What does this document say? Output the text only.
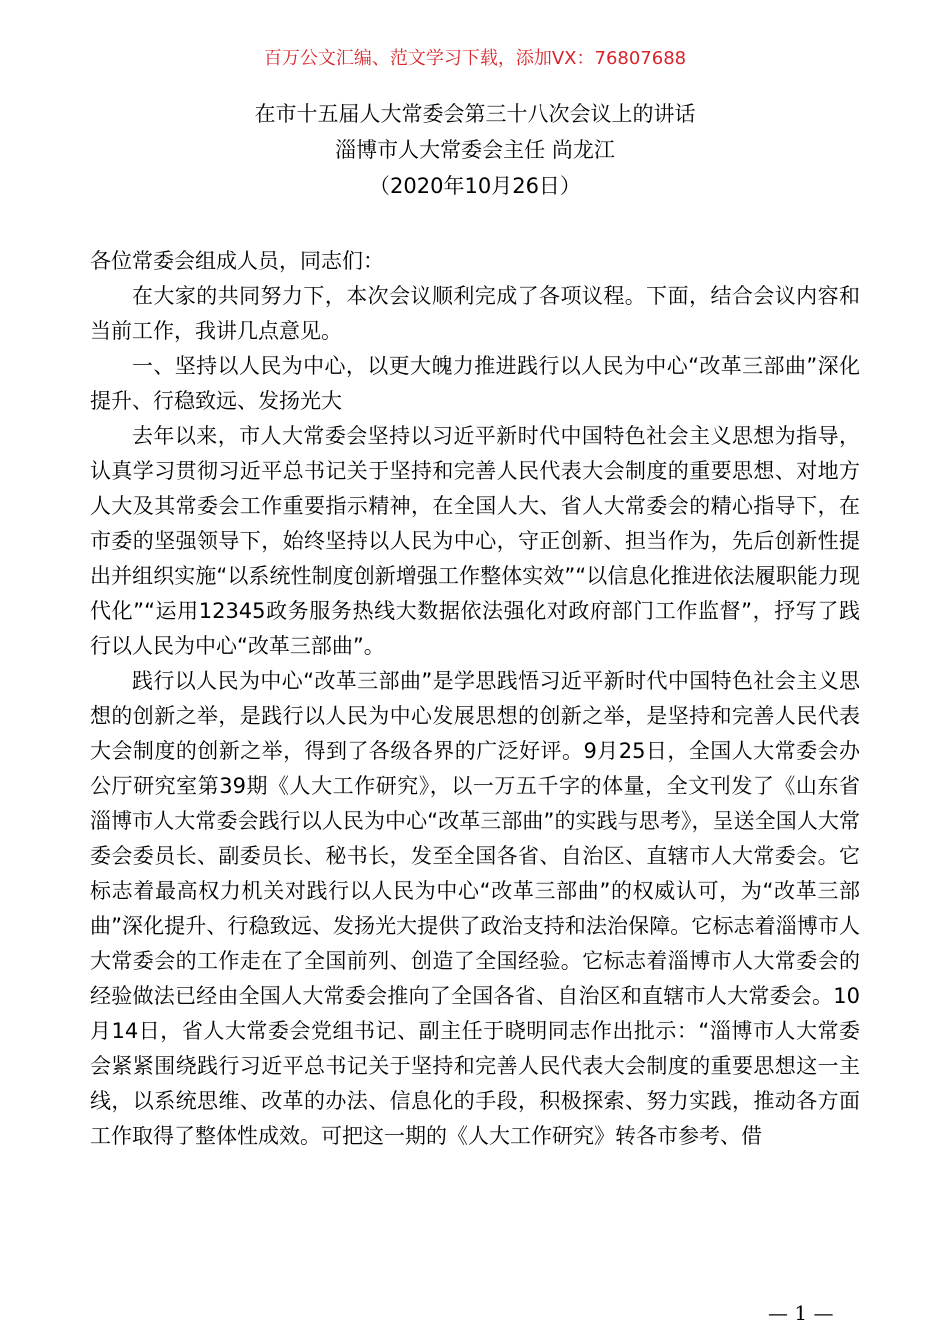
百万公文汇编、范文学习下载，添加VX：76807688
在市十五届人大常委会第三十八次会议上的讲话
淄博市人大常委会主任 尚龙江
（2020年10月26日）

各位常委会组成人员，同志们：

在大家的共同努力下，本次会议顺利完成了各项议程。下面，结合会议内容和当前工作，我讲几点意见。

一、坚持以人民为中心，以更大魄力推进践行以人民为中心“改革三部曲”深化提升、行稳致远、发扬光大

去年以来，市人大常委会坚持以习近平新时代中国特色社会主义思想为指导，认真学习贯彻习近平总书记关于坚持和完善人民代表大会制度的重要思想、对地方人大及其常委会工作重要指示精神，在全国人大、省人大常委会的精心指导下，在市委的坚强领导下，始终坚持以人民为中心，守正创新、担当作为，先后创新性提出并组织实施“以系统性制度创新增强工作整体实效”“以信息化推进依法履职能力现代化”“运用12345政务服务热线大数据依法强化对政府部门工作监督”，抒写了践行以人民为中心“改革三部曲”。

践行以人民为中心“改革三部曲”是学思践悟习近平新时代中国特色社会主义思想的创新之举，是践行以人民为中心发展思想的创新之举，是坚持和完善人民代表大会制度的创新之举，得到了各级各界的广泛好评。9月25日，全国人大常委会办公厅研究室第39期《人大工作研究》，以一万五千字的体量，全文刊发了《山东省淄博市人大常委会践行以人民为中心“改革三部曲”的实践与思考》，呈送全国人大常委会委员长、副委员长、秘书长，发至全国各省、自治区、直辖市人大常委会。它标志着最高权力机关对践行以人民为中心“改革三部曲”的权威认可，为“改革三部曲”深化提升、行稳致远、发扬光大提供了政治支持和法治保障。它标志着淄博市人大常委会的工作走在了全国前列、创造了全国经验。它标志着淄博市人大常委会的经验做法已经由全国人大常委会推向了全国各省、自治区和直辖市人大常委会。10月14日，省人大常委会党组书记、副主任于晓明同志作出批示：“淄博市人大常委会紧紧围绕践行习近平总书记关于坚持和完善人民代表大会制度的重要思想这一主线，以系统思维、改革的办法、信息化的手段，积极探索、努力实践，推动各方面工作取得了整体性成效。可把这一期的《人大工作研究》转各市参考、借

— 1 —
